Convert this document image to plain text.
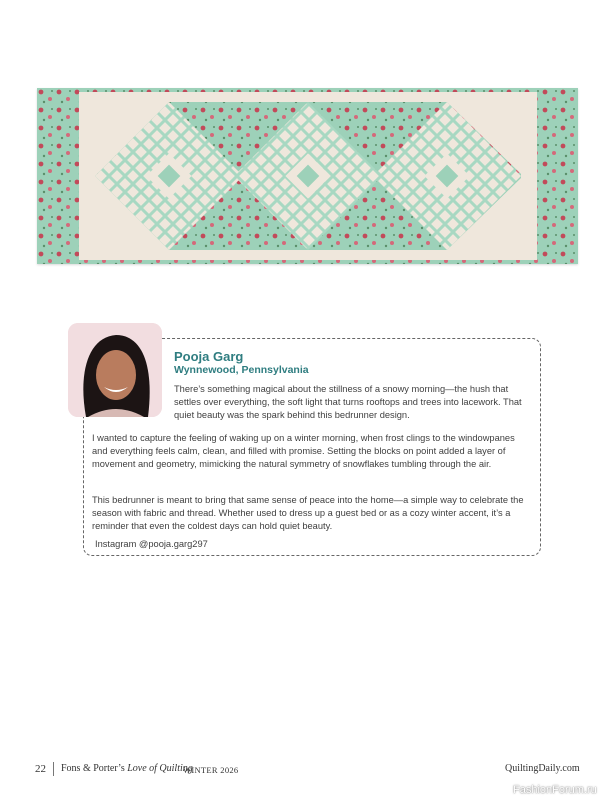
Pooja Garg
Wynnewood, Pennsylvania

There’s something magical about the stillness of a snowy morning—the hush that settles over everything, the soft light that turns rooftops and trees into lacework. That quiet beauty was the spark behind this bedrunner design.

I wanted to capture the feeling of waking up on a winter morning, when frost clings to the windowpanes and everything feels calm, clean, and filled with promise. Setting the blocks on point added a layer of movement and geometry, mimicking the natural symmetry of snowflakes tumbling through the air.

This bedrunner is meant to bring that same sense of peace into the home—a simple way to celebrate the season with fabric and thread. Whether used to dress up a guest bed or as a cozy winter accent, it’s a reminder that even the coldest days can hold quiet beauty.

Instagram @pooja.garg297
22 Fons & Porter’s Love of Quilting
WINTER 2026	QuiltingDaily.com
FashionForum.ru
